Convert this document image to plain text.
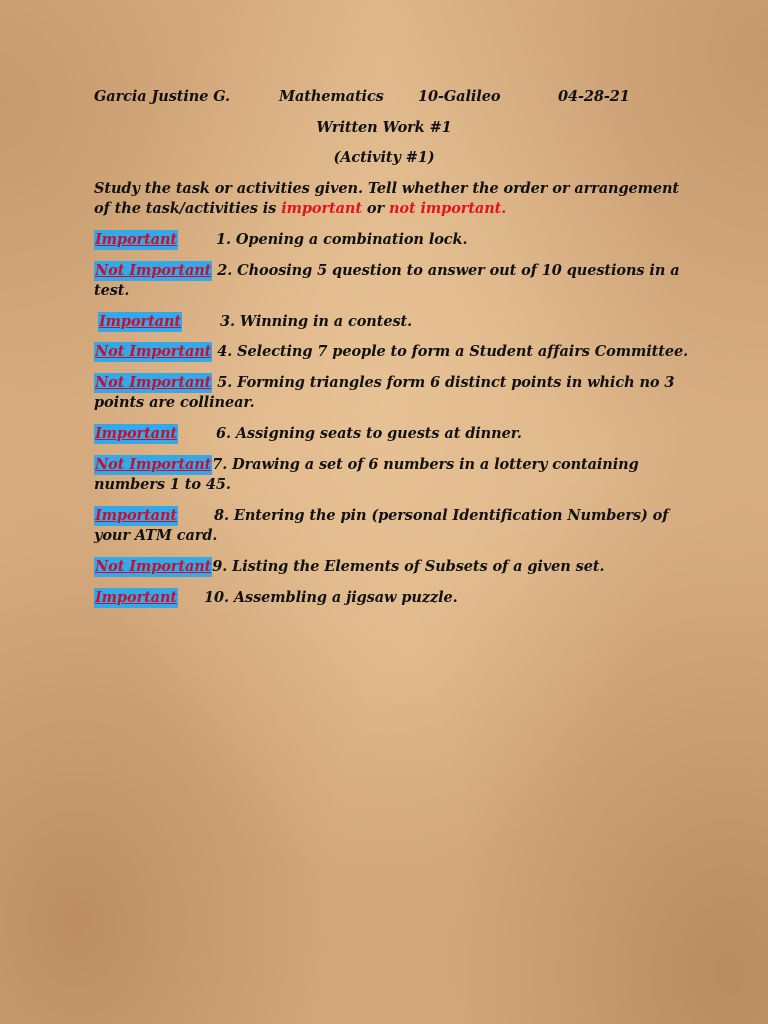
Garcia Justine G.	Mathematics 10-Galileo	04-28-21
Written Work #1
(Activity #1)
Study the task or activities given. Tell whether the order or arrangement
of the task/activities is important or not important.
Important	1. Opening a combination lock.
Not Important 2. Choosing 5 question to answer out of 10 questions in a
test.
Important	3. Winning in a contest.
Not Important 4. Selecting 7 people to form a Student affairs Committee.
Not Important 5. Forming triangles form 6 distinct points in which no 3
points are collinear.
Important	6. Assigning seats to guests at dinner.
Not Important7. Drawing a set of 6 numbers in a lottery containing
numbers 1 to 45.
Important	8. Entering the pin (personal Identification Numbers) of
your ATM card.
Not Important9. Listing the Elements of Subsets of a given set.
Important 10. Assembling a jigsaw puzzle.
